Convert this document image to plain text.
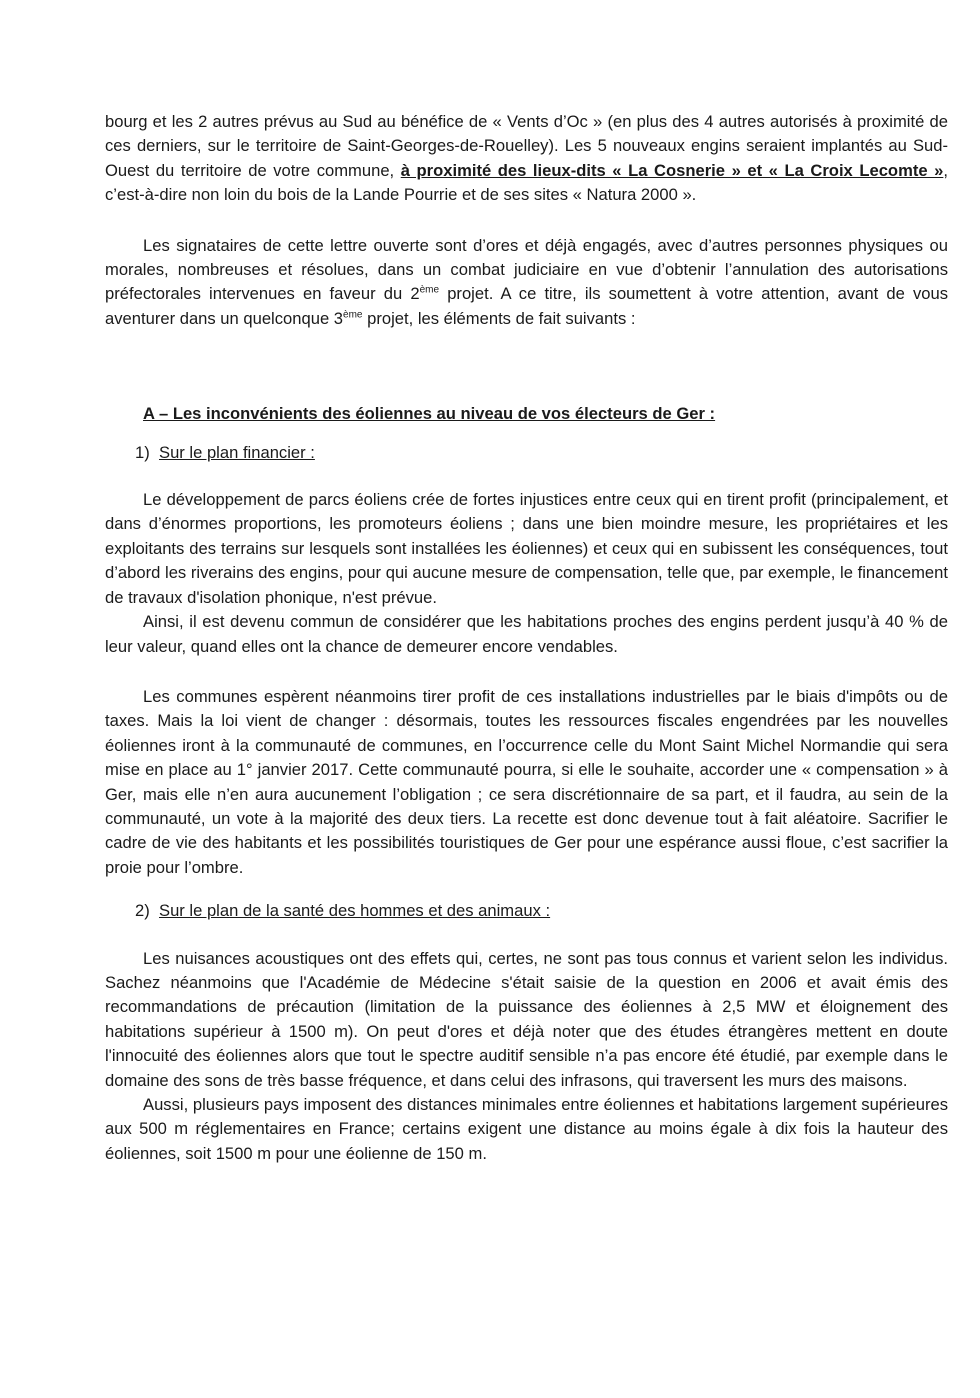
bourg et les 2 autres prévus au Sud au bénéfice de « Vents d’Oc » (en plus des 4 autres autorisés à proximité de ces derniers, sur le territoire de Saint-Georges-de-Rouelley). Les 5 nouveaux engins seraient implantés au Sud-Ouest du territoire de votre commune, à proximité des lieux-dits « La Cosnerie » et « La Croix Lecomte », c’est-à-dire non loin du bois de la Lande Pourrie et de ses sites « Natura 2000 ».

Les signataires de cette lettre ouverte sont d’ores et déjà engagés, avec d’autres personnes physiques ou morales, nombreuses et résolues, dans un combat judiciaire en vue d’obtenir l’annulation des autorisations préfectorales intervenues en faveur du 2ème projet. A ce titre, ils soumettent à votre attention, avant de vous aventurer dans un quelconque 3ème projet, les éléments de fait suivants :

A – Les inconvénients des éoliennes au niveau de vos électeurs de Ger :

1) Sur le plan financier :

Le développement de parcs éoliens crée de fortes injustices entre ceux qui en tirent profit (principalement, et dans d’énormes proportions, les promoteurs éoliens ; dans une bien moindre mesure, les propriétaires et les exploitants des terrains sur lesquels sont installées les éoliennes) et ceux qui en subissent les conséquences, tout d’abord les riverains des engins, pour qui aucune mesure de compensation, telle que, par exemple, le financement de travaux d'isolation phonique, n'est prévue.

Ainsi, il est devenu commun de considérer que les habitations proches des engins perdent jusqu’à 40 % de leur valeur, quand elles ont la chance de demeurer encore vendables.

Les communes espèrent néanmoins tirer profit de ces installations industrielles par le biais d'impôts ou de taxes. Mais la loi vient de changer : désormais, toutes les ressources fiscales engendrées par les nouvelles éoliennes iront à la communauté de communes, en l’occurrence celle du Mont Saint Michel Normandie qui sera mise en place au 1° janvier 2017. Cette communauté pourra, si elle le souhaite, accorder une « compensation » à Ger, mais elle n’en aura aucunement l’obligation ; ce sera discrétionnaire de sa part, et il faudra, au sein de la communauté, un vote à la majorité des deux tiers. La recette est donc devenue tout à fait aléatoire. Sacrifier le cadre de vie des habitants et les possibilités touristiques de Ger pour une espérance aussi floue, c’est sacrifier la proie pour l’ombre.

2) Sur le plan de la santé des hommes et des animaux :

Les nuisances acoustiques ont des effets qui, certes, ne sont pas tous connus et varient selon les individus. Sachez néanmoins que l'Académie de Médecine s'était saisie de la question en 2006 et avait émis des recommandations de précaution (limitation de la puissance des éoliennes à 2,5 MW et éloignement des habitations supérieur à 1500 m). On peut d'ores et déjà noter que des études étrangères mettent en doute l'innocuité des éoliennes alors que tout le spectre auditif sensible n’a pas encore été étudié, par exemple dans le domaine des sons de très basse fréquence, et dans celui des infrasons, qui traversent les murs des maisons.

Aussi, plusieurs pays imposent des distances minimales entre éoliennes et habitations largement supérieures aux 500 m réglementaires en France; certains exigent une distance au moins égale à dix fois la hauteur des éoliennes, soit 1500 m pour une éolienne de 150 m.
